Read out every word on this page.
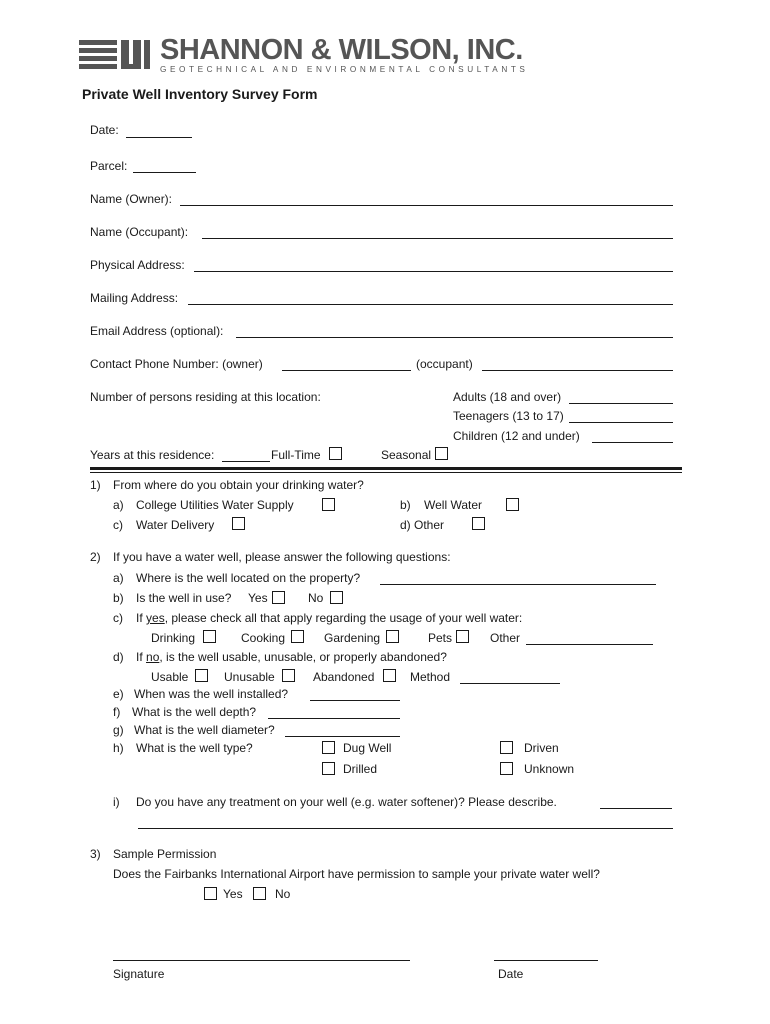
SHANNON & WILSON, INC.
GEOTECHNICAL AND ENVIRONMENTAL CONSULTANTS
Private Well Inventory Survey Form
Date:
Parcel:
Name (Owner):
Name (Occupant):
Physical Address:
Mailing Address:
Email Address (optional):
Contact Phone Number: (owner)	(occupant)
Number of persons residing at this location:	Adults (18 and over)
Teenagers (13 to 17)
Children (12 and under)
Years at this residence:	Full-Time	Seasonal
1) From where do you obtain your drinking water?
a) College Utilities Water Supply	b) Well Water
c) Water Delivery	d) Other
2) If you have a water well, please answer the following questions:
a) Where is the well located on the property?
b) Is the well in use? Yes	No
c) If yes, please check all that apply regarding the usage of your well water:
Drinking	Cooking	Gardening	Pets	Other
d) If no, is the well usable, unusable, or properly abandoned?
Usable	Unusable	Abandoned	Method
e) When was the well installed?
f) What is the well depth?
g) What is the well diameter?
h) What is the well type?	Dug Well	Driven
Drilled	Unknown
i) Do you have any treatment on your well (e.g. water softener)? Please describe.
3) Sample Permission
Does the Fairbanks International Airport have permission to sample your private water well?
Yes	No
Signature	Date
